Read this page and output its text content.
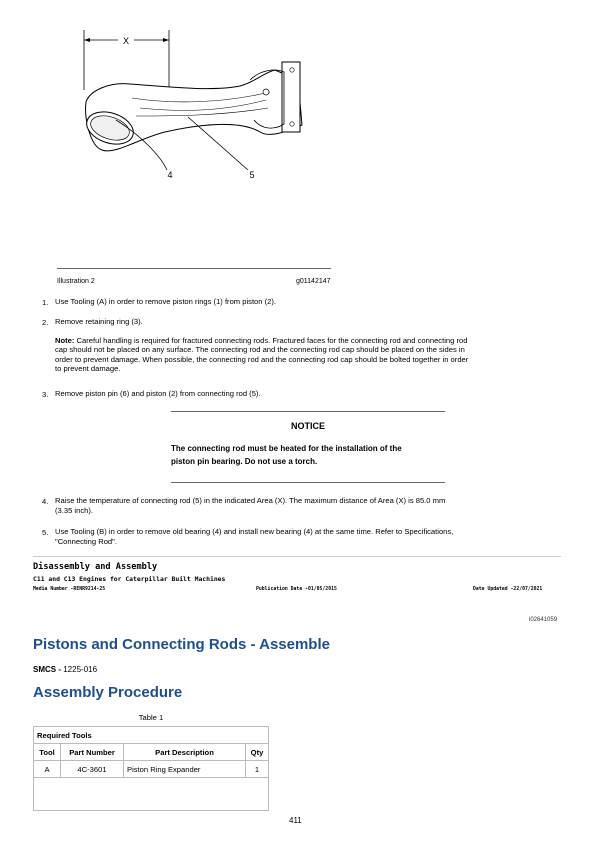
X
4	5
Illustration 2	g01142147
1. Use Tooling (A) in order to remove piston rings (1) from piston (2).
2. Remove retaining ring (3).
Note: Careful handling is required for fractured connecting rods. Fractured faces for the connecting rod and connecting rod
cap should not be placed on any surface. The connecting rod and the connecting rod cap should be placed on the sides in
order to prevent damage. When possible, the connecting rod and the connecting rod cap should be bolted together in order
to prevent damage.
3. Remove piston pin (6) and piston (2) from connecting rod (5).
NOTICE
The connecting rod must be heated for the installation of the
piston pin bearing. Do not use a torch.
4. Raise the temperature of connecting rod (5) in the indicated Area (X). The maximum distance of Area (X) is 85.0 mm
(3.35 inch).
5. Use Tooling (B) in order to remove old bearing (4) and install new bearing (4) at the same time. Refer to Specifications,
"Connecting Rod".
Disassembly and Assembly
C11 and C13 Engines for Caterpillar Built Machines
Media Number -RENR9214-25	Publication Date -01/05/2015	Date Updated -22/07/2021
i02641059
Pistons and Connecting Rods - Assemble
SMCS - 1225-016
Assembly Procedure
Table 1
Required Tools			
Tool	Part Number	Part Description	Qty
A	4C-3601	Piston Ring Expander	1

411
